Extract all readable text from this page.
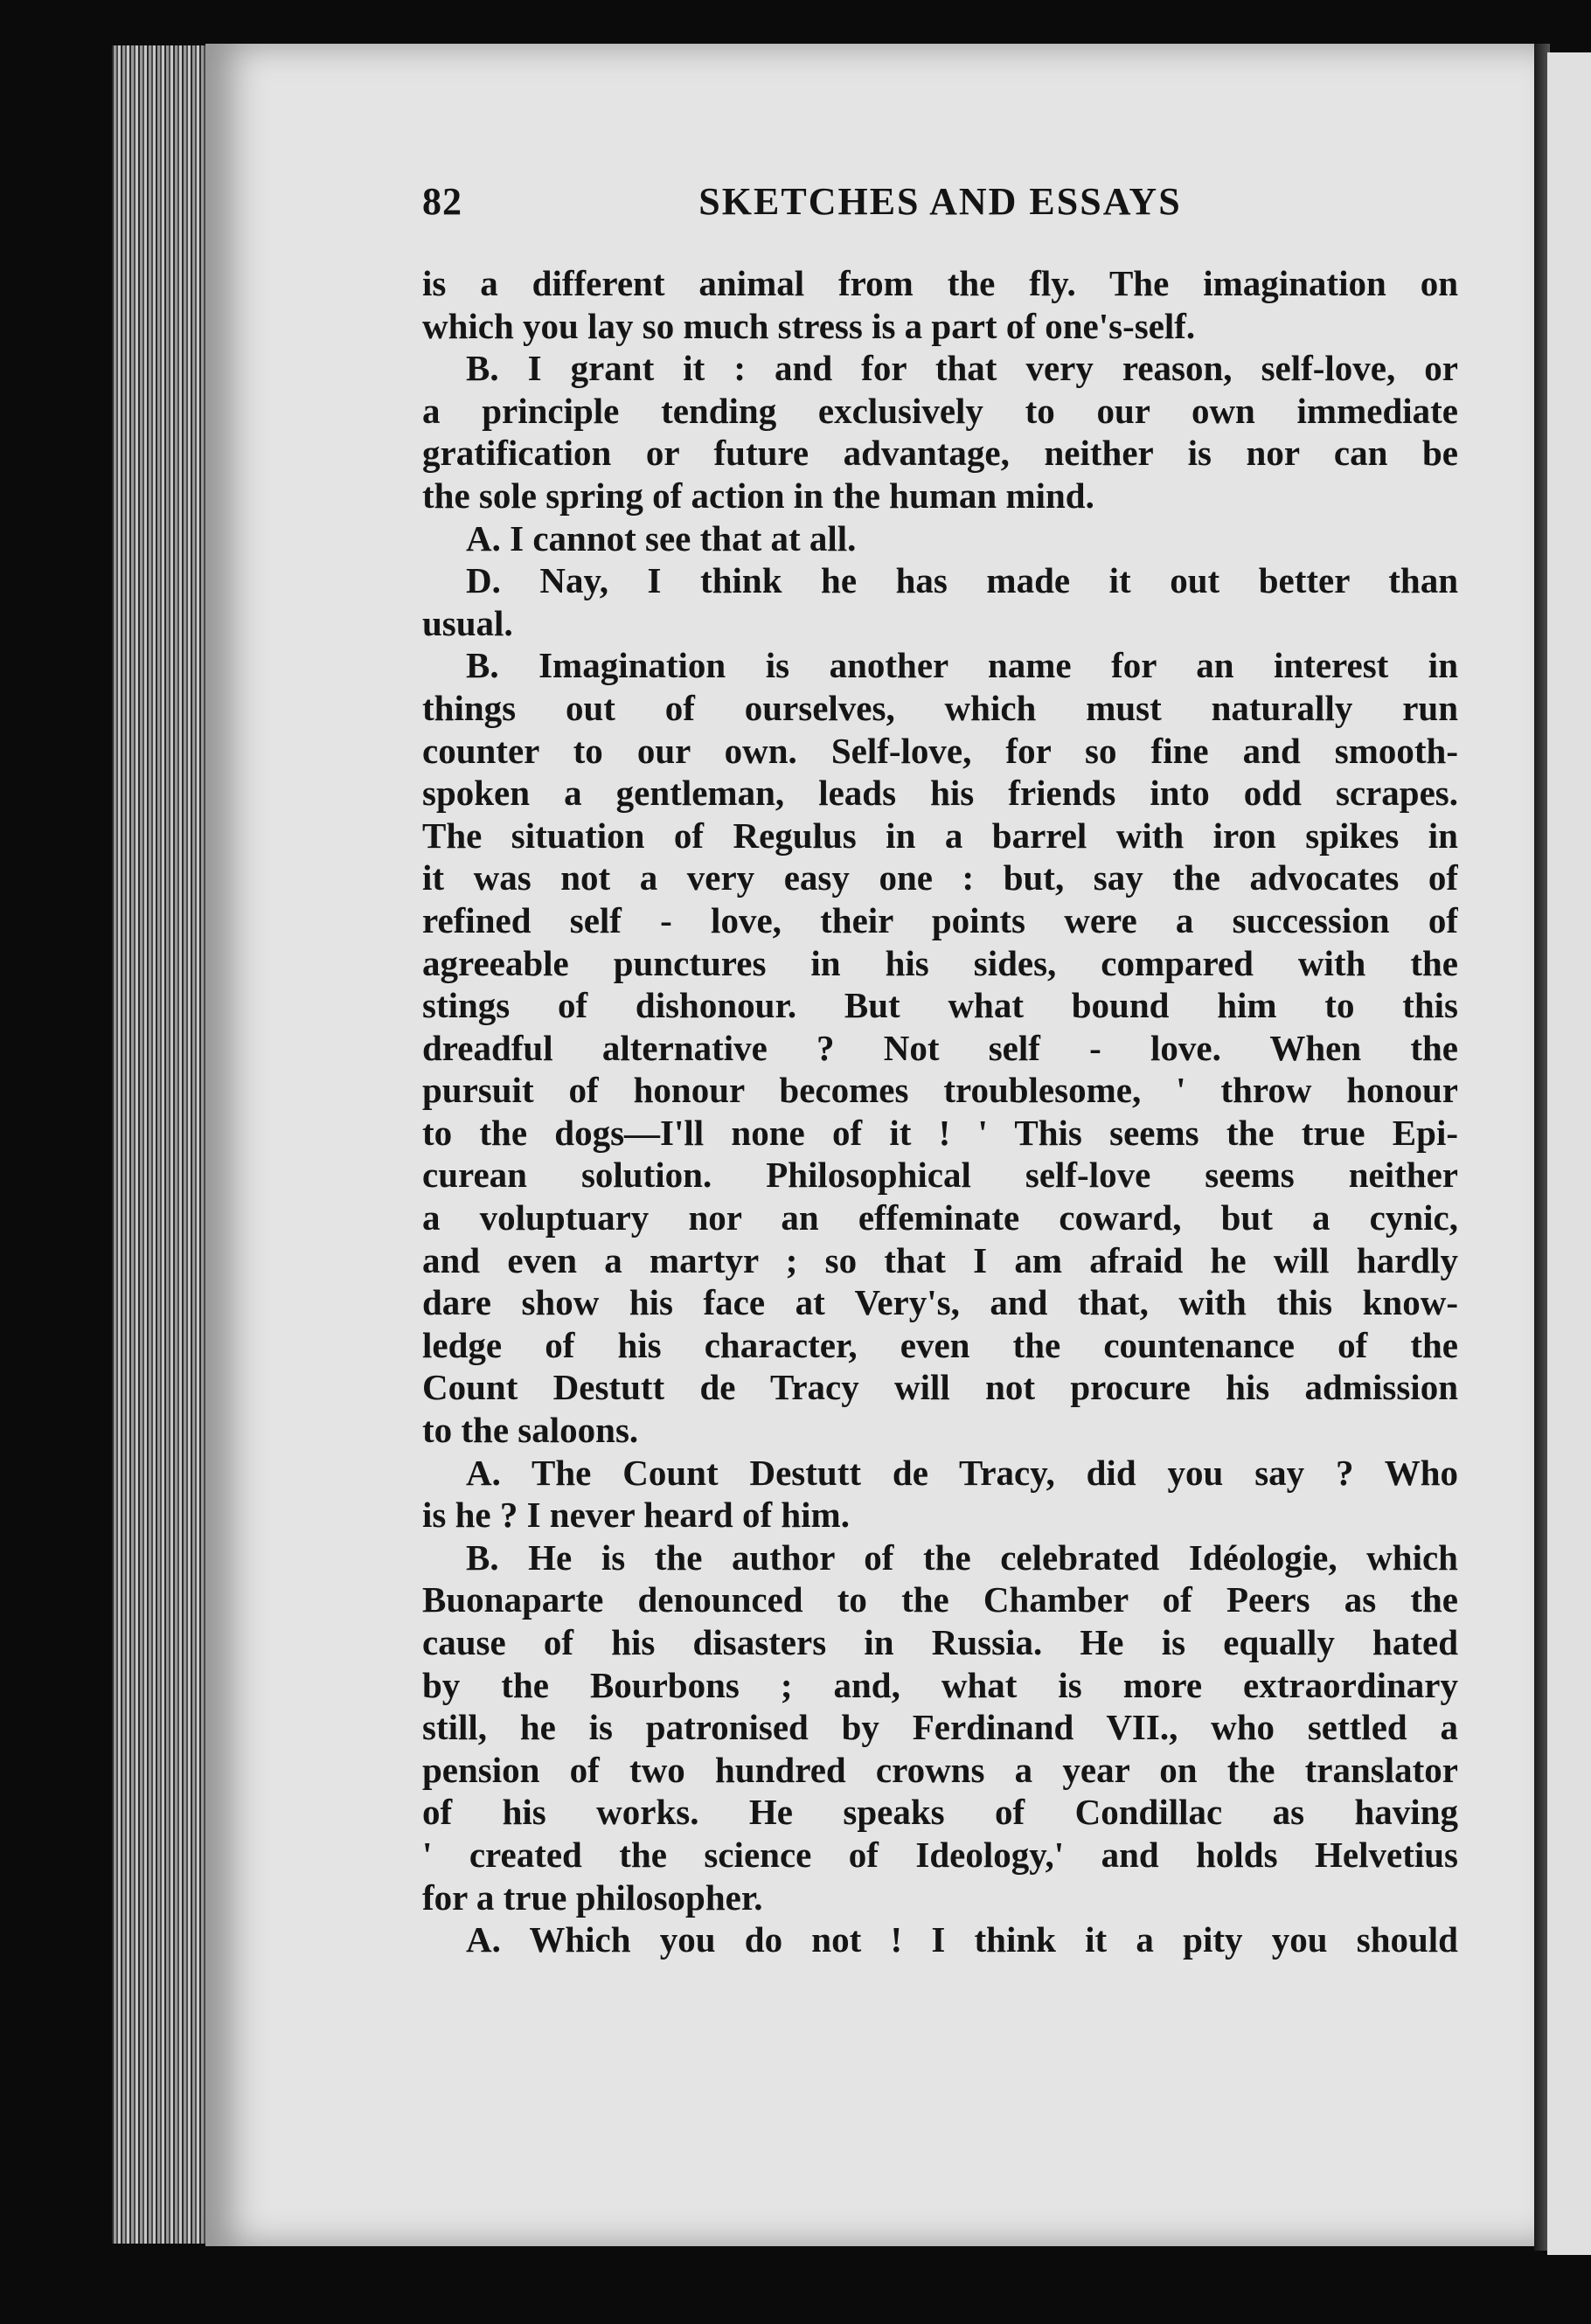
82	SKETCHES AND ESSAYS
is a different animal from the fly. The imagination on
which you lay so much stress is a part of one's-self.
B. I grant it : and for that very reason, self-love, or
a principle tending exclusively to our own immediate
gratification or future advantage, neither is nor can be
the sole spring of action in the human mind.
A. I cannot see that at all.
D. Nay, I think he has made it out better than
usual.
B. Imagination is another name for an interest in
things out of ourselves, which must naturally run
counter to our own. Self-love, for so fine and smooth-
spoken a gentleman, leads his friends into odd scrapes.
The situation of Regulus in a barrel with iron spikes in
it was not a very easy one : but, say the advocates of
refined self - love, their points were a succession of
agreeable punctures in his sides, compared with the
stings of dishonour. But what bound him to this
dreadful alternative ? Not self - love. When the
pursuit of honour becomes troublesome, ' throw honour
to the dogs—I'll none of it ! ' This seems the true Epi-
curean solution. Philosophical self-love seems neither
a voluptuary nor an effeminate coward, but a cynic,
and even a martyr ; so that I am afraid he will hardly
dare show his face at Very's, and that, with this know-
ledge of his character, even the countenance of the
Count Destutt de Tracy will not procure his admission
to the saloons.
A. The Count Destutt de Tracy, did you say ? Who
is he ? I never heard of him.
B. He is the author of the celebrated Idéologie, which
Buonaparte denounced to the Chamber of Peers as the
cause of his disasters in Russia. He is equally hated
by the Bourbons ; and, what is more extraordinary
still, he is patronised by Ferdinand VII., who settled a
pension of two hundred crowns a year on the translator
of his works. He speaks of Condillac as having
' created the science of Ideology,' and holds Helvetius
for a true philosopher.
A. Which you do not ! I think it a pity you should
